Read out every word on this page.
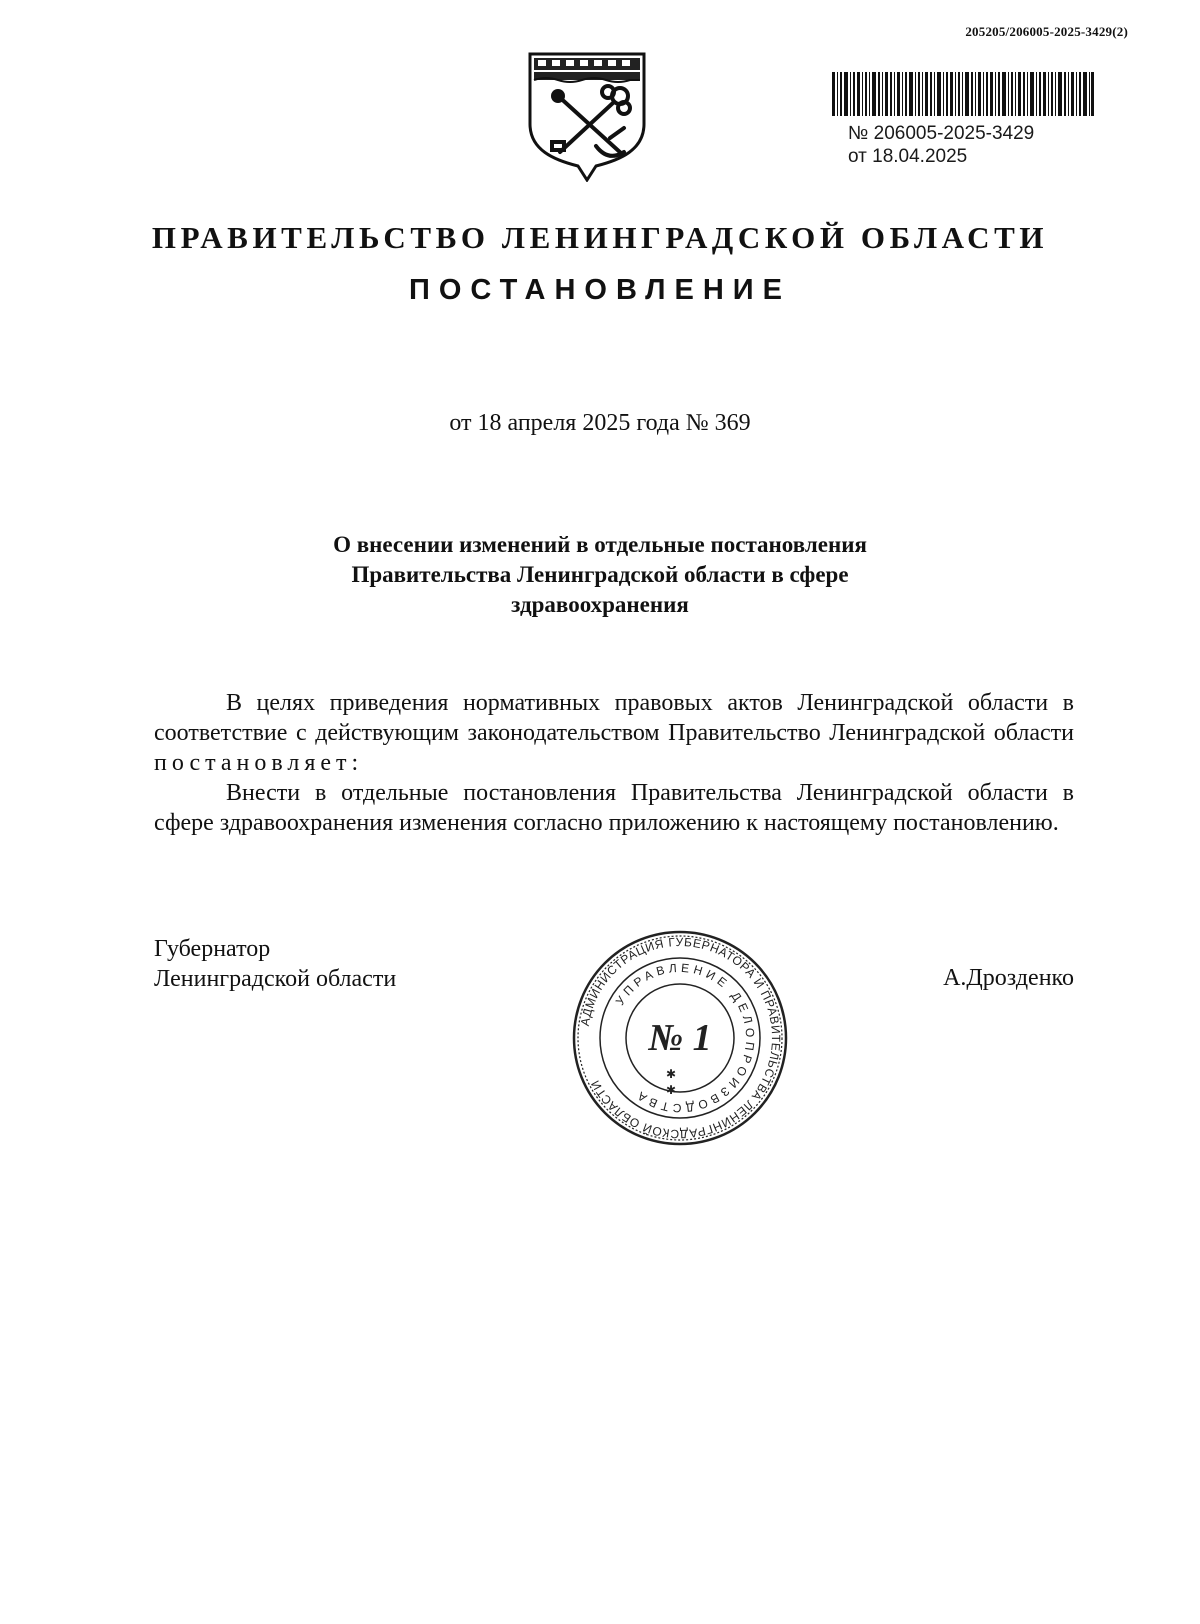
205205/206005-2025-3429(2)
№ 206005-2025-3429
от 18.04.2025
ПРАВИТЕЛЬСТВО ЛЕНИНГРАДСКОЙ ОБЛАСТИ
ПОСТАНОВЛЕНИЕ
от 18 апреля 2025 года № 369
О внесении изменений в отдельные постановления
Правительства Ленинградской области в сфере
здравоохранения

В целях приведения нормативных правовых актов Ленинградской области в соответствие с действующим законодательством Правительство Ленинградской области постановляет:

Внести в отдельные постановления Правительства Ленинградской области в сфере здравоохранения изменения согласно приложению к настоящему постановлению.

Губернатор
Ленинградской области	А.Дрозденко
АДМИНИСТРАЦИЯ ГУБЕРНАТОРА И ПРАВИТЕЛЬСТВА ЛЕНИНГРАДСКОЙ ОБЛАСТИ
УПРАВЛЕНИЕ ДЕЛОПРОИЗВОДСТВА
№ 1
✱
✱
